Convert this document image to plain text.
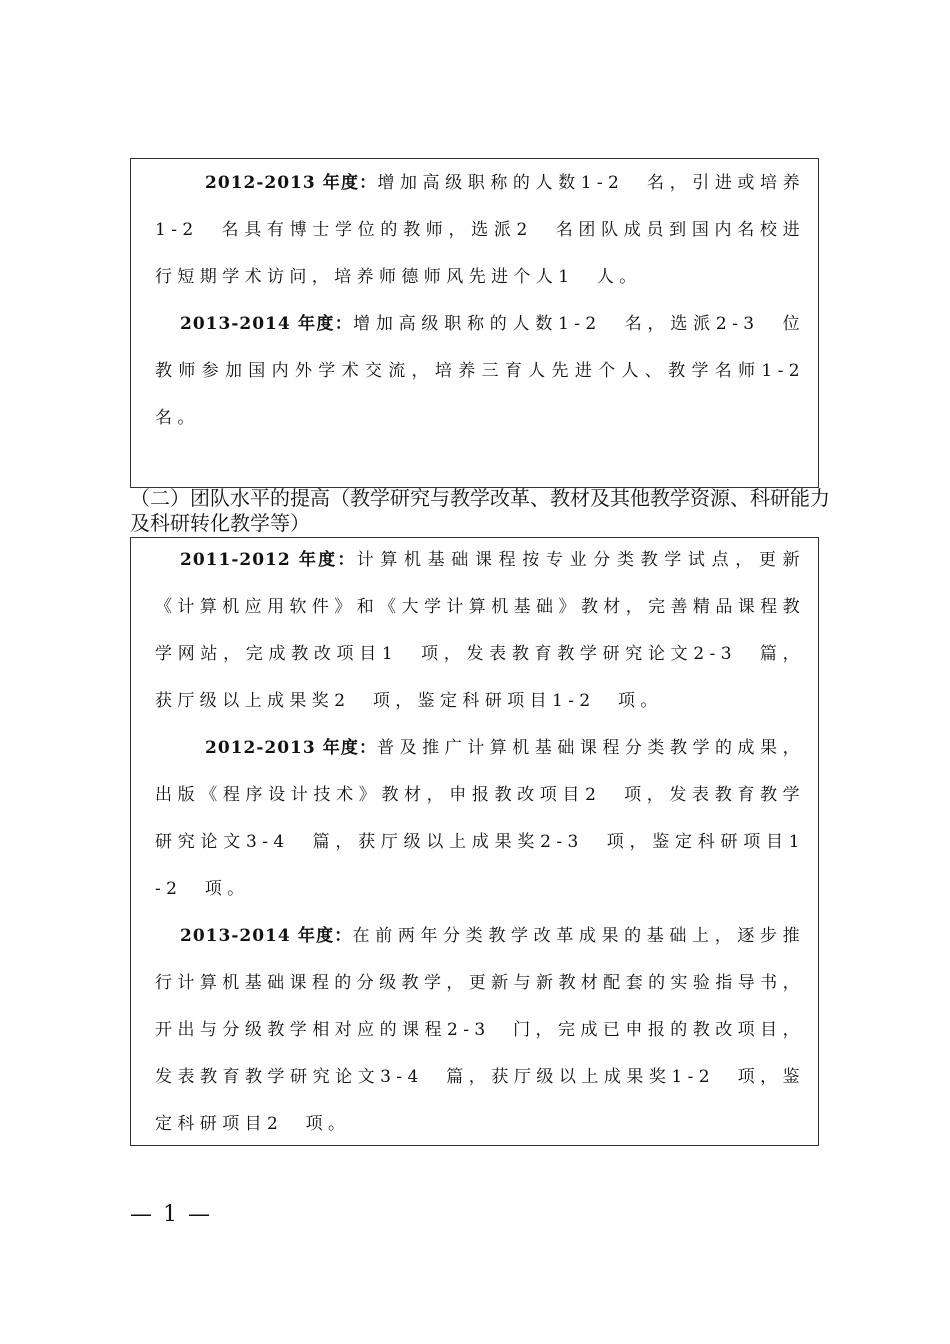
2012-2013 年度：增加高级职称的人数1-2　名，引进或培养1-2　名具有博士学位的教师，选派2　名团队成员到国内名校进行短期学术访问，培养师德师风先进个人1　人。
2013-2014 年度：增加高级职称的人数1-2　名，选派2-3　位教师参加国内外学术交流，培养三育人先进个人、教学名师1-2　名。
（二）团队水平的提高（教学研究与教学改革、教材及其他教学资源、科研能力及科研转化教学等）
2011-2012 年度：计算机基础课程按专业分类教学试点，更新《计算机应用软件》和《大学计算机基础》教材，完善精品课程教学网站，完成教改项目1　项，发表教育教学研究论文2-3　篇，获厅级以上成果奖2　项，鉴定科研项目1-2　项。
2012-2013 年度：普及推广计算机基础课程分类教学的成果，出版《程序设计技术》教材，申报教改项目2　项，发表教育教学研究论文3-4　篇，获厅级以上成果奖2-3　项，鉴定科研项目1-2　项。
2013-2014 年度：在前两年分类教学改革成果的基础上，逐步推行计算机基础课程的分级教学，更新与新教材配套的实验指导书，开出与分级教学相对应的课程2-3　门，完成已申报的教改项目，发表教育教学研究论文3-4　篇，获厅级以上成果奖1-2　项，鉴定科研项目2　项。
— 1 —
